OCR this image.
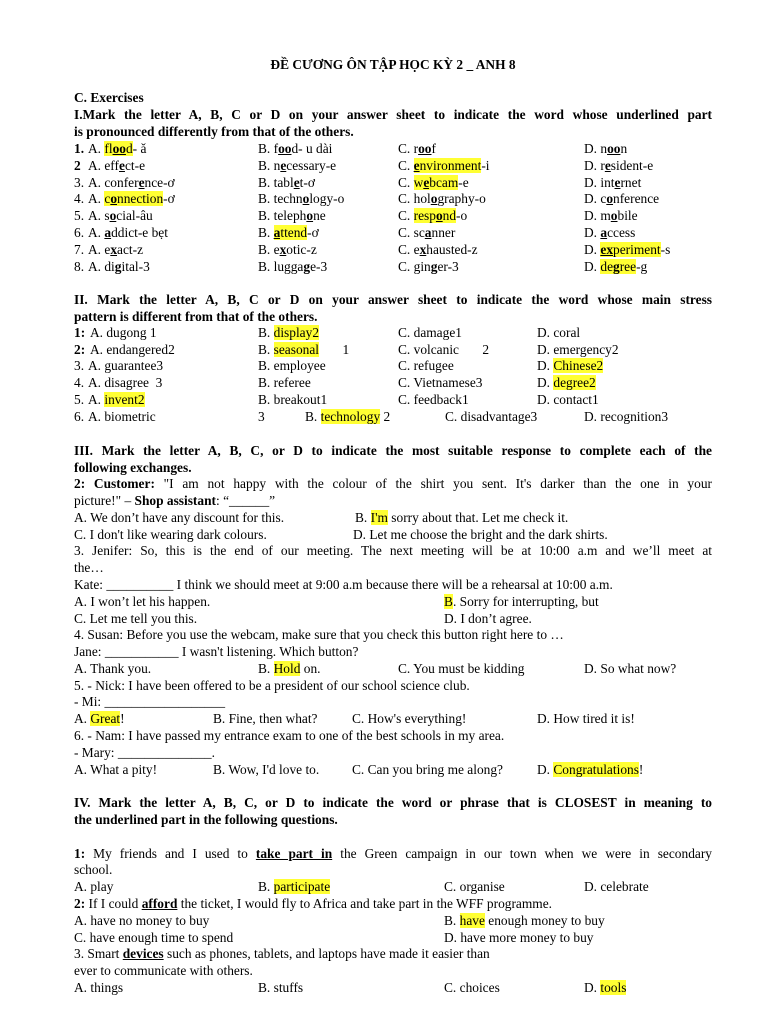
ĐỀ CƯƠNG ÔN TẬP HỌC KỲ 2 _ ANH 8
C. Exercises
I.Mark the letter A, B, C or D on your answer sheet to indicate the word whose underlined part
is pronounced differently from that of the others.
1. A. flood- ǎ	B. food- u dài	C. roof	D. noon
2 A. effect-e	B. necessary-e	C. environment-i	D. resident-e
3. A. conference-ơ	B. tablet-ơ	C. webcam-e	D. internet
4. A. connection-ơ	B. technology-o	C. holography-o	D. conference
5. A. social-âu	B. telephone	C. respond-o	D. mobile
6. A. addict-e bẹt	B. attend-ơ	C. scanner	D. access
7. A. exact-z	B. exotic-z	C. exhausted-z	D. experiment-s
8. A. digital-3	B. luggage-3	C. ginger-3	D. degree-g
II. Mark the letter A, B, C or D on your answer sheet to indicate the word whose main stress
pattern is different from that of the others.
1: A. dugong 1	B. display2	C. damage1	D. coral
2: A. endangered2	B. seasonal       1	C. volcanic       2	D. emergency2
3. A. guarantee3	B. employee	C. refugee	D. Chinese2
4. A. disagree  3	B. referee	C. Vietnamese3	D. degree2
5. A. invent2	B. breakout1	C. feedback1	D. contact1
6. A. biometric	3	B. technology 2	C. disadvantage3	D. recognition3
III. Mark the letter A, B, C, or D to indicate the most suitable response to complete each of the
following exchanges.
2: Customer: "I am not happy with the colour of the shirt you sent. It's darker than the one in your
picture!" – Shop assistant: “______”
A. We don’t have any discount for this.	B. I'm sorry about that. Let me check it.
C. I don't like wearing dark colours.	D. Let me choose the bright and the dark shirts.
3. Jenifer: So, this is the end of our meeting. The next meeting will be at 10:00 a.m and we’ll meet at
the…
Kate: __________ I think we should meet at 9:00 a.m because there will be a rehearsal at 10:00 a.m.
A. I won’t let his happen.	B. Sorry for interrupting, but
C. Let me tell you this.	D. I don’t agree.
4. Susan: Before you use the webcam, make sure that you check this button right here to …
Jane: ___________ I wasn't listening. Which button?
A. Thank you.	B. Hold on.	C. You must be kidding	D. So what now?
5. - Nick: I have been offered to be a president of our school science club.
- Mi: __________________
A. Great!	B. Fine, then what?	C. How's everything!	D. How tired it is!
6. - Nam: I have passed my entrance exam to one of the best schools in my area.
- Mary: ______________.
A. What a pity!	B. Wow, I'd love to. C. Can you bring me along?	D. Congratulations!
IV. Mark the letter A, B, C, or D to indicate the word or phrase that is CLOSEST in meaning to
the underlined part in the following questions.
1: My friends and I used to take part in the Green campaign in our town when we were in secondary
school.
A. play	B. participate	C. organise	D. celebrate
2: If I could afford the ticket, I would fly to Africa and take part in the WFF programme.
A. have no money to buy	B. have enough money to buy
C. have enough time to spend	D. have more money to buy
3. Smart devices such as phones, tablets, and laptops have made it easier than
ever to communicate with others.
A. things	B. stuffs	C. choices	D. tools
